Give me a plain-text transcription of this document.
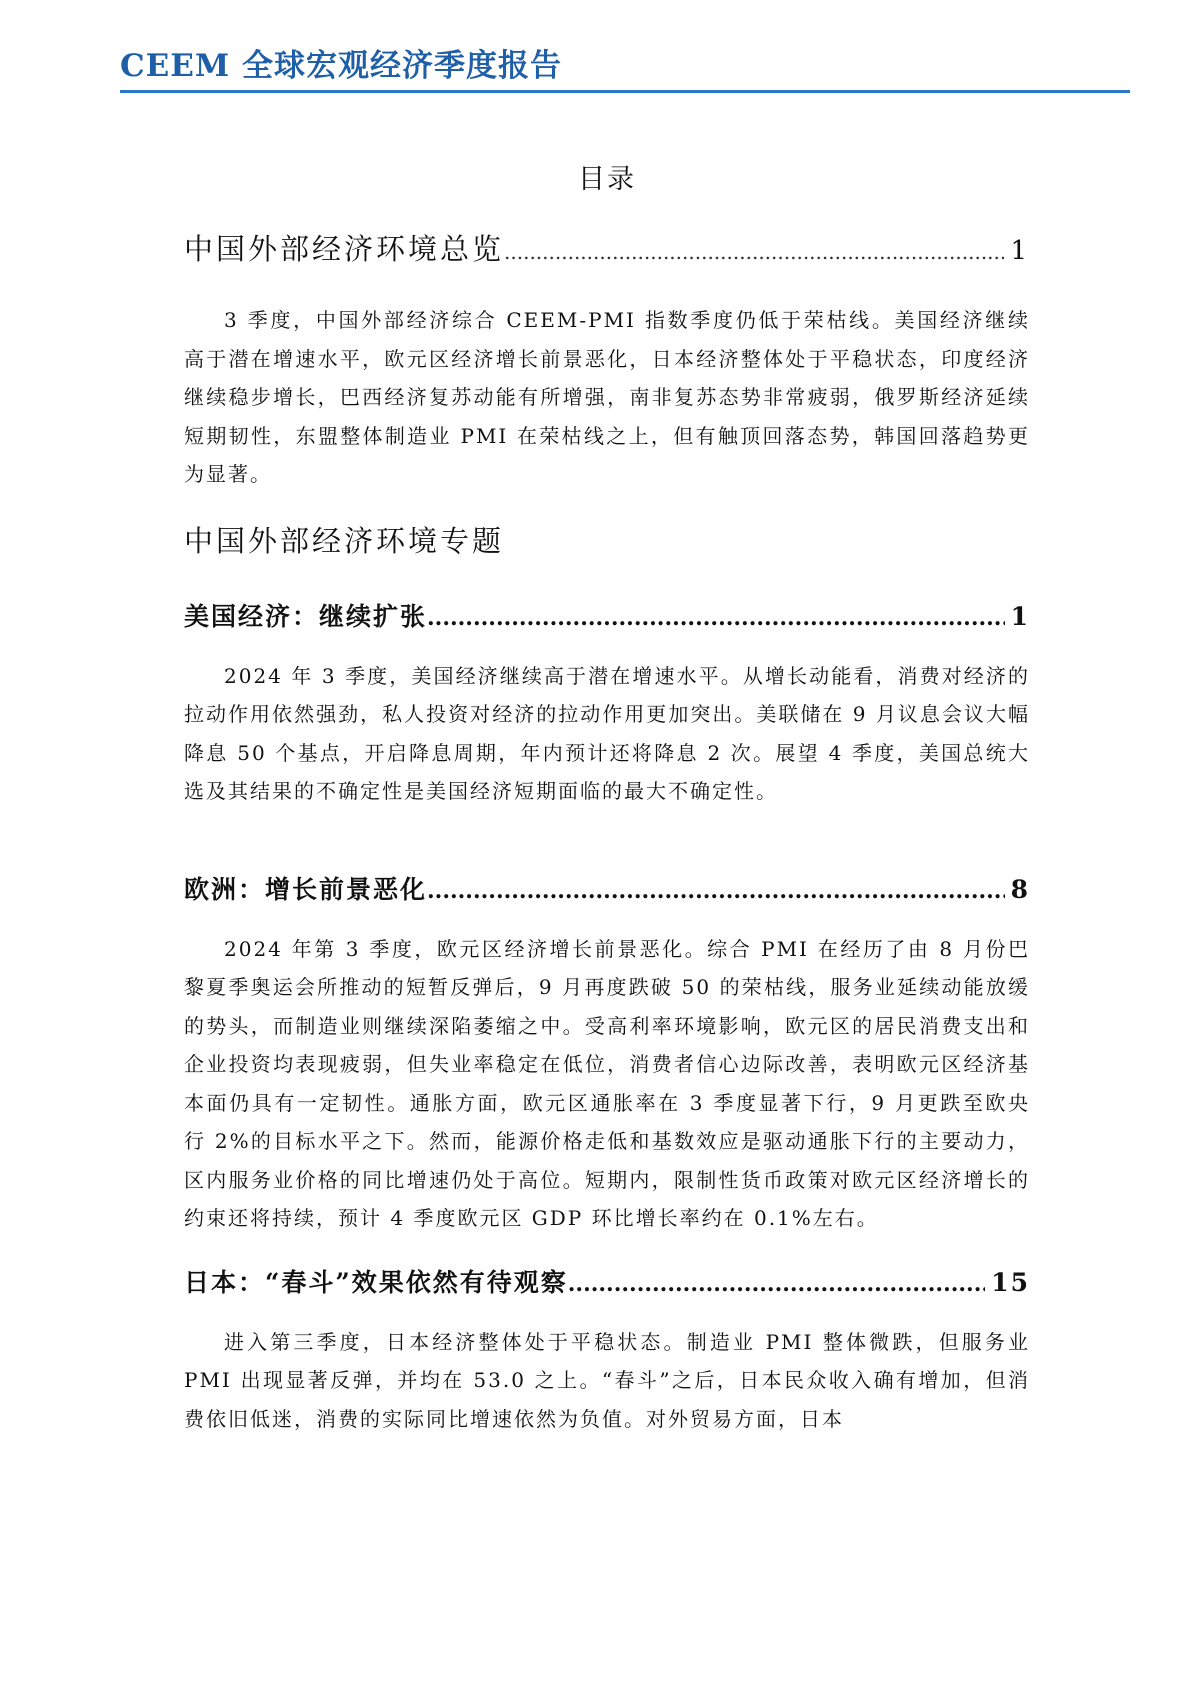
CEEM 全球宏观经济季度报告
目录
中国外部经济环境总览 .....	1

3 季度，中国外部经济综合 CEEM-PMI 指数季度仍低于荣枯线。美国经济继续高于潜在增速水平，欧元区经济增长前景恶化，日本经济整体处于平稳状态，印度经济继续稳步增长，巴西经济复苏动能有所增强，南非复苏态势非常疲弱，俄罗斯经济延续短期韧性，东盟整体制造业 PMI 在荣枯线之上，但有触顶回落态势，韩国回落趋势更为显著。

中国外部经济环境专题
美国经济：继续扩张 .....	1

2024 年 3 季度，美国经济继续高于潜在增速水平。从增长动能看，消费对经济的拉动作用依然强劲，私人投资对经济的拉动作用更加突出。美联储在 9 月议息会议大幅降息 50 个基点，开启降息周期，年内预计还将降息 2 次。展望 4 季度，美国总统大选及其结果的不确定性是美国经济短期面临的最大不确定性。

欧洲：增长前景恶化 .....	8

2024 年第 3 季度，欧元区经济增长前景恶化。综合 PMI 在经历了由 8 月份巴黎夏季奥运会所推动的短暂反弹后，9 月再度跌破 50 的荣枯线，服务业延续动能放缓的势头，而制造业则继续深陷萎缩之中。受高利率环境影响，欧元区的居民消费支出和企业投资均表现疲弱，但失业率稳定在低位，消费者信心边际改善，表明欧元区经济基本面仍具有一定韧性。通胀方面，欧元区通胀率在 3 季度显著下行，9 月更跌至欧央行 2%的目标水平之下。然而，能源价格走低和基数效应是驱动通胀下行的主要动力，区内服务业价格的同比增速仍处于高位。短期内，限制性货币政策对欧元区经济增长的约束还将持续，预计 4 季度欧元区 GDP 环比增长率约在 0.1%左右。

日本：“春斗”效果依然有待观察 .....	15

进入第三季度，日本经济整体处于平稳状态。制造业 PMI 整体微跌，但服务业 PMI 出现显著反弹，并均在 53.0 之上。“春斗”之后，日本民众收入确有增加，但消费依旧低迷，消费的实际同比增速依然为负值。对外贸易方面，日本
